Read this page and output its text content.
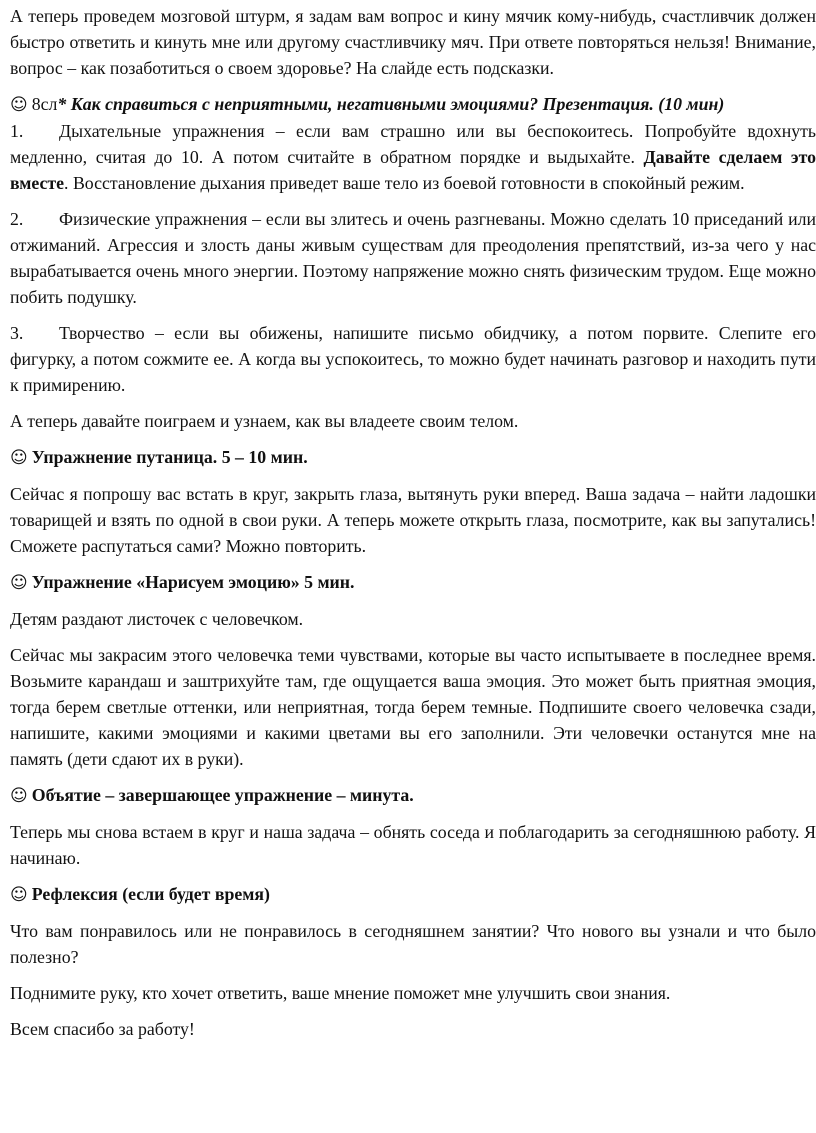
А теперь проведем мозговой штурм, я задам вам вопрос и кину мячик кому-нибудь, счастливчик должен быстро ответить и кинуть мне или другому счастливчику мяч. При ответе повторяться нельзя! Внимание, вопрос – как позаботиться о своем здоровье? На слайде есть подсказки.

☺ 8сл* Как справиться с неприятными, негативными эмоциями? Презентация. (10 мин)

1. Дыхательные упражнения – если вам страшно или вы беспокоитесь. Попробуйте вдохнуть медленно, считая до 10. А потом считайте в обратном порядке и выдыхайте. Давайте сделаем это вместе. Восстановление дыхания приведет ваше тело из боевой готовности в спокойный режим.

2. Физические упражнения – если вы злитесь и очень разгневаны. Можно сделать 10 приседаний или отжиманий. Агрессия и злость даны живым существам для преодоления препятствий, из-за чего у нас вырабатывается очень много энергии. Поэтому напряжение можно снять физическим трудом. Еще можно побить подушку.

3. Творчество – если вы обижены, напишите письмо обидчику, а потом порвите. Слепите его фигурку, а потом сожмите ее. А когда вы успокоитесь, то можно будет начинать разговор и находить пути к примирению.

А теперь давайте поиграем и узнаем, как вы владеете своим телом.

☺ Упражнение путаница. 5 – 10 мин.

Сейчас я попрошу вас встать в круг, закрыть глаза, вытянуть руки вперед. Ваша задача – найти ладошки товарищей и взять по одной в свои руки. А теперь можете открыть глаза, посмотрите, как вы запутались! Сможете распутаться сами? Можно повторить.

☺ Упражнение «Нарисуем эмоцию» 5 мин.

Детям раздают листочек с человечком.

Сейчас мы закрасим этого человечка теми чувствами, которые вы часто испытываете в последнее время. Возьмите карандаш и заштрихуйте там, где ощущается ваша эмоция. Это может быть приятная эмоция, тогда берем светлые оттенки, или неприятная, тогда берем темные. Подпишите своего человечка сзади, напишите, какими эмоциями и какими цветами вы его заполнили. Эти человечки останутся мне на память (дети сдают их в руки).

☺ Объятие – завершающее упражнение – минута.

Теперь мы снова встаем в круг и наша задача – обнять соседа и поблагодарить за сегодняшнюю работу. Я начинаю.

☺ Рефлексия (если будет время)

Что вам понравилось или не понравилось в сегодняшнем занятии? Что нового вы узнали и что было полезно?

Поднимите руку, кто хочет ответить, ваше мнение поможет мне улучшить свои знания.

Всем спасибо за работу!
